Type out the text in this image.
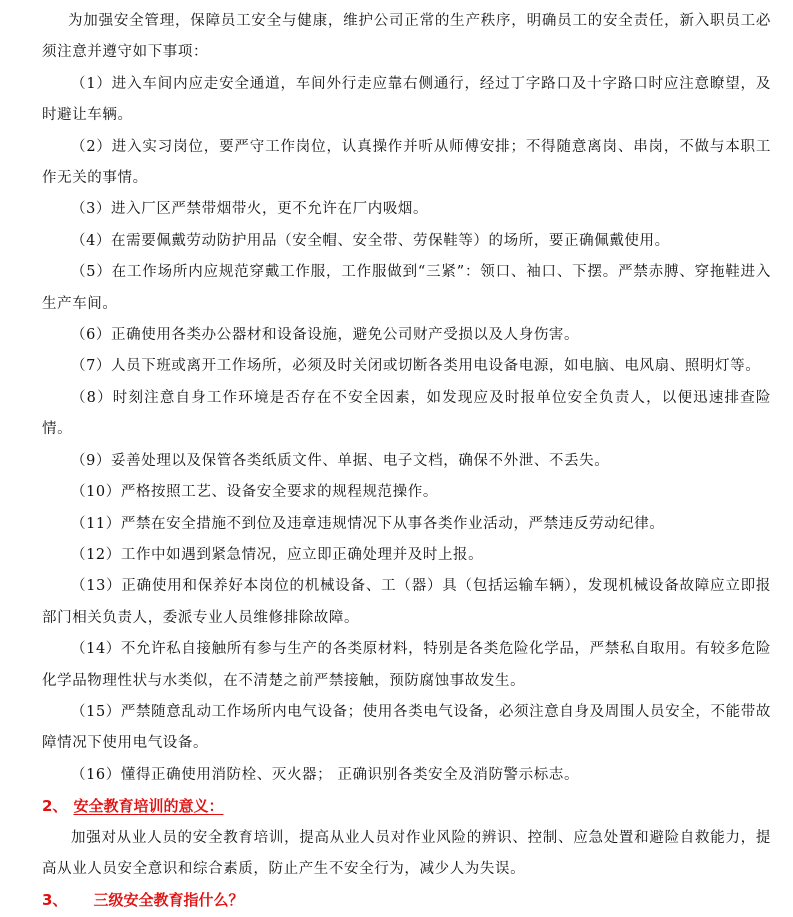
为加强安全管理，保障员工安全与健康，维护公司正常的生产秩序，明确员工的安全责任，新入职员工必须注意并遵守如下事项：

（1）进入车间内应走安全通道，车间外行走应靠右侧通行，经过丁字路口及十字路口时应注意瞭望，及时避让车辆。

（2）进入实习岗位，要严守工作岗位，认真操作并听从师傅安排；不得随意离岗、串岗，不做与本职工作无关的事情。

（3）进入厂区严禁带烟带火，更不允许在厂内吸烟。

（4）在需要佩戴劳动防护用品（安全帽、安全带、劳保鞋等）的场所，要正确佩戴使用。

（5）在工作场所内应规范穿戴工作服，工作服做到“三紧”：领口、袖口、下摆。严禁赤膊、穿拖鞋进入生产车间。

（6）正确使用各类办公器材和设备设施，避免公司财产受损以及人身伤害。

（7）人员下班或离开工作场所，必须及时关闭或切断各类用电设备电源，如电脑、电风扇、照明灯等。

（8）时刻注意自身工作环境是否存在不安全因素，如发现应及时报单位安全负责人，以便迅速排查险情。

（9）妥善处理以及保管各类纸质文件、单据、电子文档，确保不外泄、不丢失。

（10）严格按照工艺、设备安全要求的规程规范操作。

（11）严禁在安全措施不到位及违章违规情况下从事各类作业活动，严禁违反劳动纪律。

（12）工作中如遇到紧急情况，应立即正确处理并及时上报。

（13）正确使用和保养好本岗位的机械设备、工（器）具（包括运输车辆），发现机械设备故障应立即报部门相关负责人，委派专业人员维修排除故障。

（14）不允许私自接触所有参与生产的各类原材料，特别是各类危险化学品，严禁私自取用。有较多危险化学品物理性状与水类似，在不清楚之前严禁接触，预防腐蚀事故发生。

（15）严禁随意乱动工作场所内电气设备；使用各类电气设备，必须注意自身及周围人员安全，不能带故障情况下使用电气设备。

（16）懂得正确使用消防栓、灭火器； 正确识别各类安全及消防警示标志。

2、 安全教育培训的意义：

加强对从业人员的安全教育培训，提高从业人员对作业风险的辨识、控制、应急处置和避险自救能力，提高从业人员安全意识和综合素质，防止产生不安全行为，减少人为失误。

3、 三级安全教育指什么？
